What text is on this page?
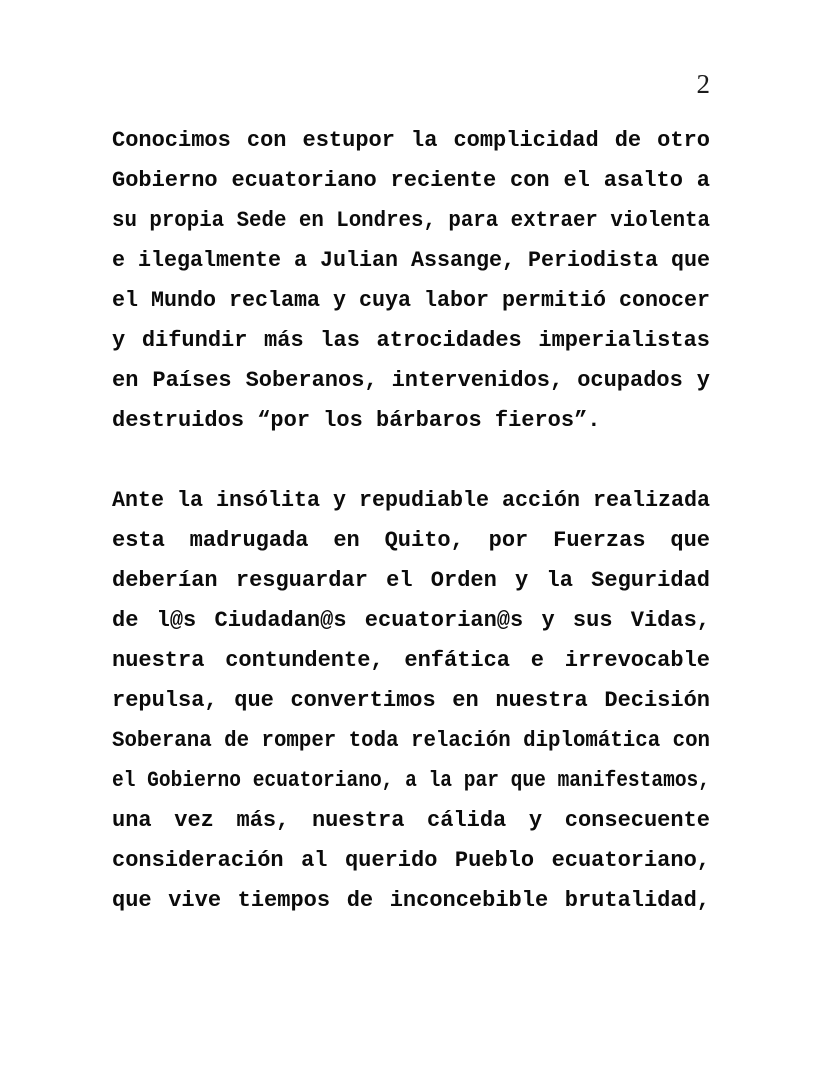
2
Conocimos con estupor la complicidad de otro
Gobierno ecuatoriano reciente con el asalto a
su propia Sede en Londres, para extraer violenta
e ilegalmente a Julian Assange, Periodista que
el Mundo reclama y cuya labor permitió conocer
y difundir más las atrocidades imperialistas
en Países Soberanos, intervenidos, ocupados y
destruidos “por los bárbaros fieros”.
Ante la insólita y repudiable acción realizada
esta madrugada en Quito, por Fuerzas que
deberían resguardar el Orden y la Seguridad
de l@s Ciudadan@s ecuatorian@s y sus Vidas,
nuestra contundente, enfática e irrevocable
repulsa, que convertimos en nuestra Decisión
Soberana de romper toda relación diplomática con
el Gobierno ecuatoriano, a la par que manifestamos,
una vez más, nuestra cálida y consecuente
consideración al querido Pueblo ecuatoriano,
que vive tiempos de inconcebible brutalidad,
